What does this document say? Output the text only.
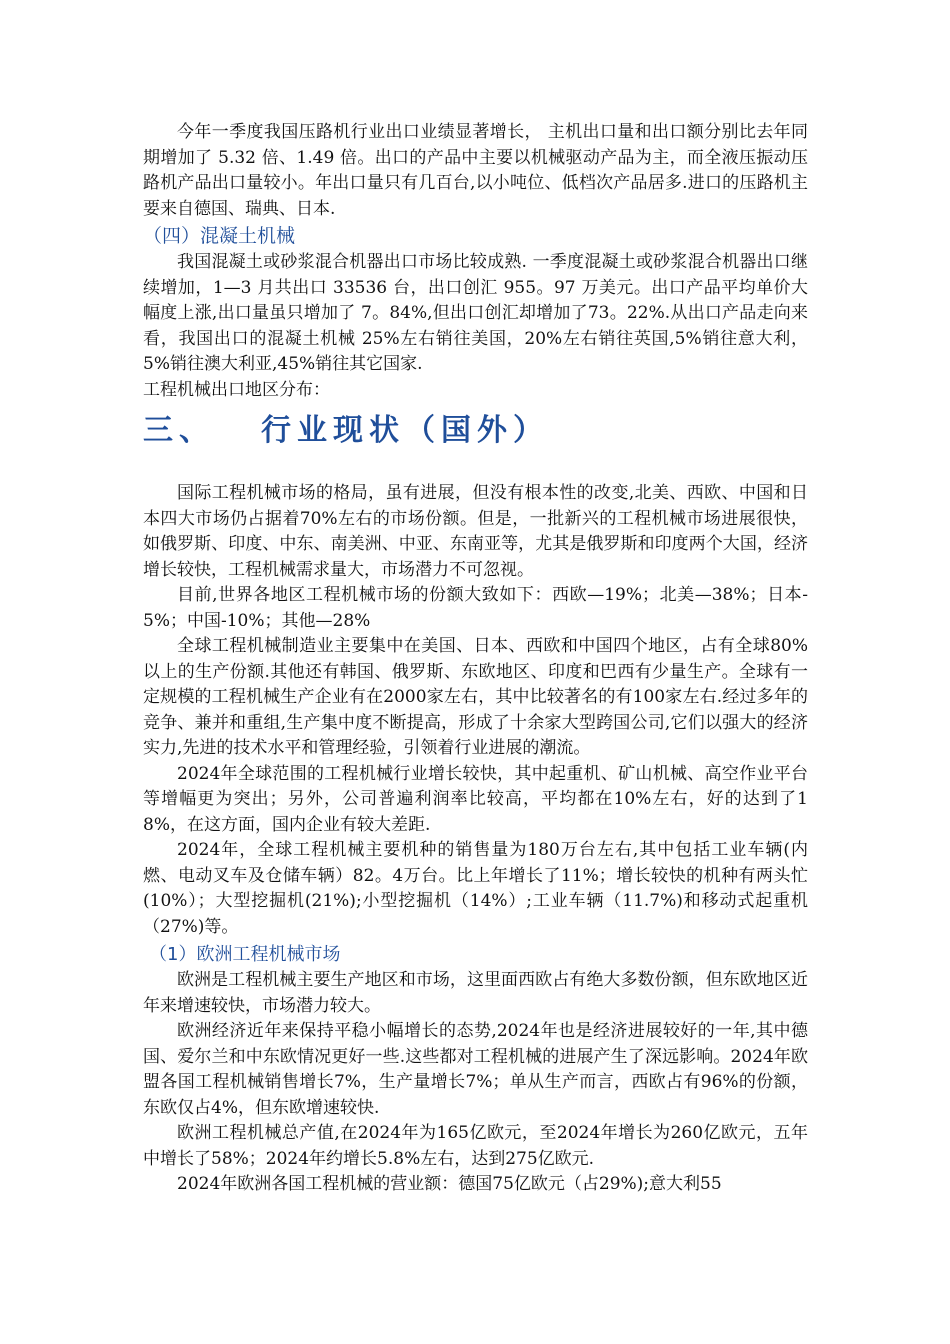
今年一季度我国压路机行业出口业绩显著增长， 主机出口量和出口额分别比去年同期增加了 5.32 倍、1.49 倍。出口的产品中主要以机械驱动产品为主，而全液压振动压路机产品出口量较小。年出口量只有几百台,以小吨位、低档次产品居多.进口的压路机主要来自德国、瑞典、日本.

（四）混凝土机械

我国混凝土或砂浆混合机器出口市场比较成熟. 一季度混凝土或砂浆混合机器出口继续增加，1—3 月共出口 33536 台，出口创汇 955。97 万美元。出口产品平均单价大幅度上涨,出口量虽只增加了 7。84%,但出口创汇却增加了73。22%.从出口产品走向来看，我国出口的混凝土机械 25%左右销往美国，20%左右销往英国,5%销往意大利，5%销往澳大利亚,45%销往其它国家.

工程机械出口地区分布：

三、 行业现状（国外）

国际工程机械市场的格局，虽有进展，但没有根本性的改变,北美、西欧、中国和日本四大市场仍占据着70%左右的市场份额。但是，一批新兴的工程机械市场进展很快，如俄罗斯、印度、中东、南美洲、中亚、东南亚等，尤其是俄罗斯和印度两个大国，经济增长较快，工程机械需求量大，市场潜力不可忽视。

目前,世界各地区工程机械市场的份额大致如下：西欧—19%；北美—38%；日本-5%；中国-10%；其他—28%

全球工程机械制造业主要集中在美国、日本、西欧和中国四个地区，占有全球80%以上的生产份额.其他还有韩国、俄罗斯、东欧地区、印度和巴西有少量生产。全球有一定规模的工程机械生产企业有在2000家左右，其中比较著名的有100家左右.经过多年的竞争、兼并和重组,生产集中度不断提高，形成了十余家大型跨国公司,它们以强大的经济实力,先进的技术水平和管理经验，引领着行业进展的潮流。

2024年全球范围的工程机械行业增长较快，其中起重机、矿山机械、高空作业平台等增幅更为突出；另外，公司普遍利润率比较高，平均都在10%左右，好的达到了18%，在这方面，国内企业有较大差距.

2024年，全球工程机械主要机种的销售量为180万台左右,其中包括工业车辆(内燃、电动叉车及仓储车辆）82。4万台。比上年增长了11%；增长较快的机种有两头忙(10%）；大型挖掘机(21%);小型挖掘机（14%）;工业车辆（11.7%)和移动式起重机（27%)等。

（1）欧洲工程机械市场

欧洲是工程机械主要生产地区和市场，这里面西欧占有绝大多数份额，但东欧地区近年来增速较快，市场潜力较大。

欧洲经济近年来保持平稳小幅增长的态势,2024年也是经济进展较好的一年,其中德国、爱尔兰和中东欧情况更好一些.这些都对工程机械的进展产生了深远影响。2024年欧盟各国工程机械销售增长7%，生产量增长7%；单从生产而言，西欧占有96%的份额，东欧仅占4%，但东欧增速较快.

欧洲工程机械总产值,在2024年为165亿欧元，至2024年增长为260亿欧元，五年中增长了58%；2024年约增长5.8%左右，达到275亿欧元.

2024年欧洲各国工程机械的营业额：德国75亿欧元（占29%);意大利55
